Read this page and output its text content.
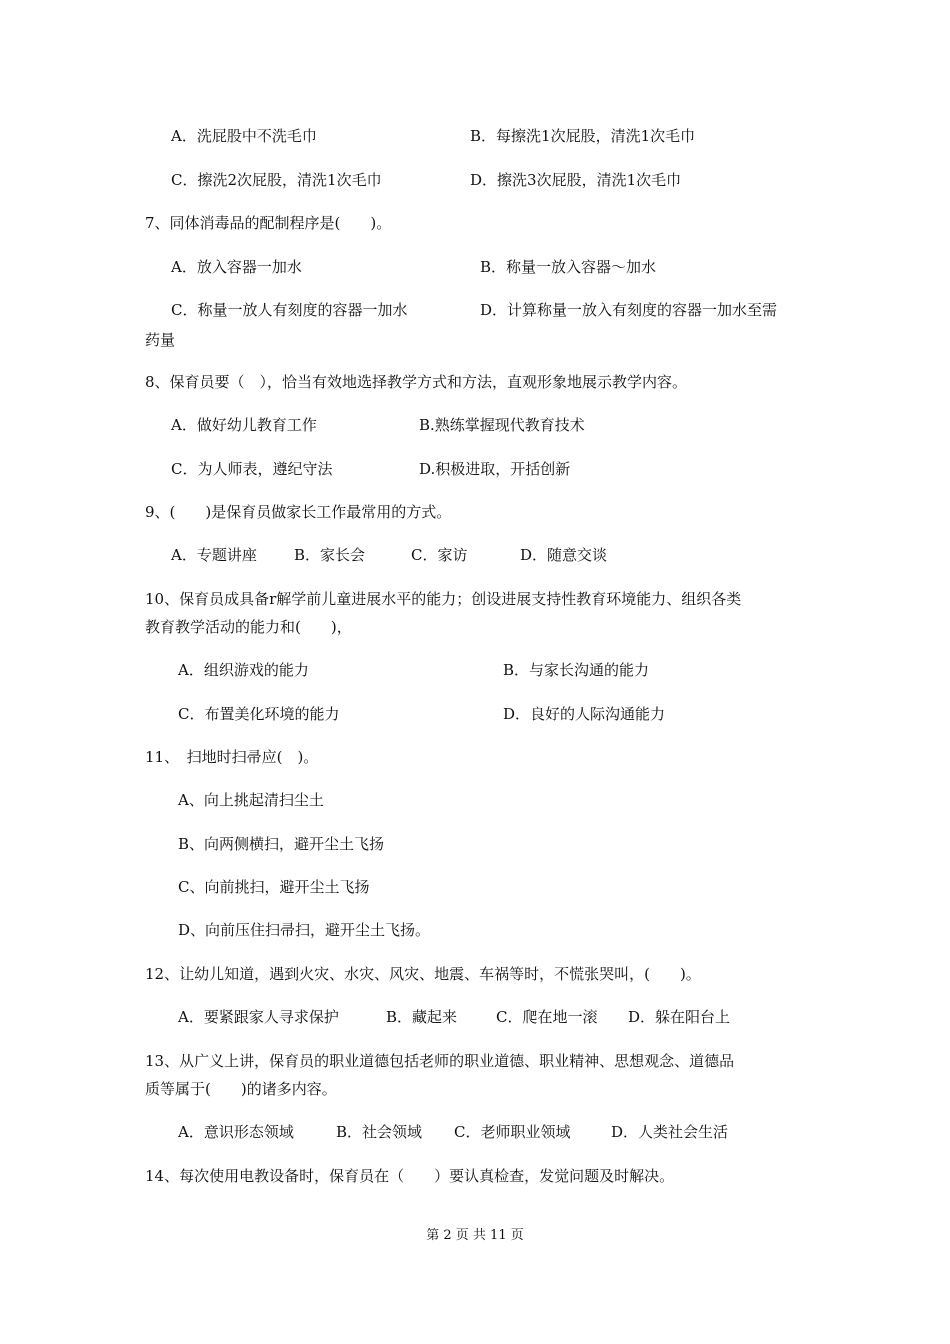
A．洗屁股中不洗毛巾	B．每擦洗1次屁股，清洗1次毛巾
C．擦洗2次屁股，清洗1次毛巾	D．擦洗3次屁股，清洗1次毛巾
7、同体消毒品的配制程序是(　　)。
A．放入容器一加水	B．称量一放入容器～加水
C．称量一放人有刻度的容器一加水	D．计算称量一放入有刻度的容器一加水至需
药量
8、保育员要（　），恰当有效地选择教学方式和方法，直观形象地展示教学内容。
A．做好幼儿教育工作	B.熟练掌握现代教育技术
C．为人师表，遵纪守法	D.积极进取，开括创新
9、(　　)是保育员做家长工作最常用的方式。
A．专题讲座 B．家长会	C．家访	D．随意交谈
10、保育员成具备r解学前儿童进展水平的能力；创设进展支持性教育环境能力、组织各类
教育教学活动的能力和(　　)，
A．组织游戏的能力	B．与家长沟通的能力
C．布置美化环境的能力	D．良好的人际沟通能力
11、　扫地时扫帚应(　)。
A、向上挑起清扫尘土
B、向两侧横扫，避开尘土飞扬
C、向前挑扫，避开尘土飞扬
D、向前压住扫帚扫，避开尘土飞扬。
12、让幼儿知道，遇到火灾、水灾、风灾、地震、车祸等时，不慌张哭叫，(　　)。
A．要紧跟家人寻求保护	B．藏起来	C．爬在地一滚 D．躲在阳台上
13、从广义上讲，保育员的职业道德包括老师的职业道德、职业精神、思想观念、道德品
质等属于(　　)的诸多内容。
A．意识形态领域	B．社会领域 C．老师职业领域	D．人类社会生活
14、每次使用电教设备时，保育员在（　　）要认真检查，发觉问题及时解决。
第 2 页 共 11 页
